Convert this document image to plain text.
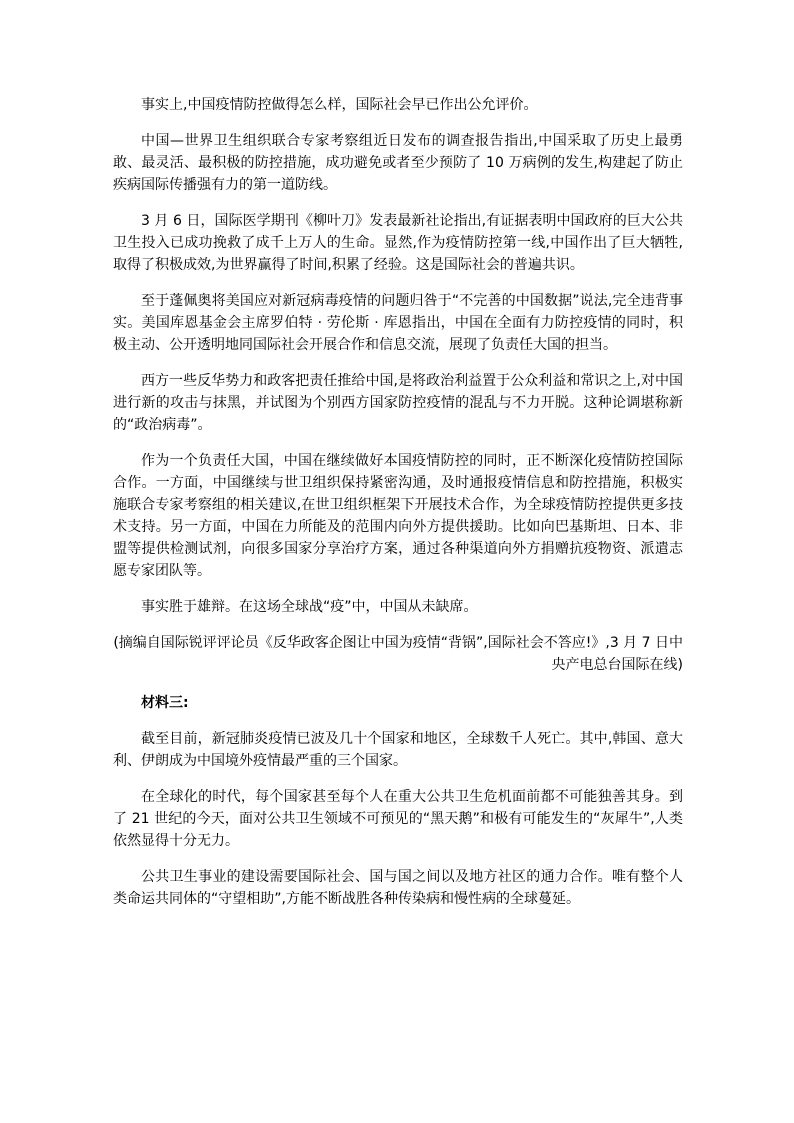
事实上,中国疫情防控做得怎么样，国际社会早已作出公允评价。

中国—世界卫生组织联合专家考察组近日发布的调查报告指出,中国采取了历史上最勇敢、最灵活、最积极的防控措施，成功避免或者至少预防了 10 万病例的发生,构建起了防止疾病国际传播强有力的第一道防线。

3 月 6 日，国际医学期刊《柳叶刀》发表最新社论指出,有证据表明中国政府的巨大公共卫生投入已成功挽救了成千上万人的生命。显然,作为疫情防控第一线,中国作出了巨大牺牲,取得了积极成效,为世界赢得了时间,积累了经验。这是国际社会的普遍共识。

至于蓬佩奥将美国应对新冠病毒疫情的问题归咎于“不完善的中国数据”说法,完全违背事实。美国库恩基金会主席罗伯特 · 劳伦斯 · 库恩指出，中国在全面有力防控疫情的同时，积极主动、公开透明地同国际社会开展合作和信息交流，展现了负责任大国的担当。

西方一些反华势力和政客把责任推给中国,是将政治利益置于公众利益和常识之上,对中国进行新的攻击与抹黑，并试图为个别西方国家防控疫情的混乱与不力开脱。这种论调堪称新的“政治病毒”。

作为一个负责任大国，中国在继续做好本国疫情防控的同时，正不断深化疫情防控国际合作。一方面，中国继续与世卫组织保持紧密沟通，及时通报疫情信息和防控措施，积极实施联合专家考察组的相关建议,在世卫组织框架下开展技术合作，为全球疫情防控提供更多技术支持。另一方面，中国在力所能及的范围内向外方提供援助。比如向巴基斯坦、日本、非盟等提供检测试剂，向很多国家分享治疗方案，通过各种渠道向外方捐赠抗疫物资、派遣志愿专家团队等。

事实胜于雄辩。在这场全球战“疫”中，中国从未缺席。

(摘编自国际锐评评论员《反华政客企图让中国为疫情“背锅”,国际社会不答应!》,3 月 7 日中央产电总台国际在线)

材料三:

截至目前，新冠肺炎疫情已波及几十个国家和地区，全球数千人死亡。其中,韩国、意大利、伊朗成为中国境外疫情最严重的三个国家。

在全球化的时代，每个国家甚至每个人在重大公共卫生危机面前都不可能独善其身。到了 21 世纪的今天，面对公共卫生领域不可预见的“黑天鹅”和极有可能发生的“灰犀牛”,人类依然显得十分无力。

公共卫生事业的建设需要国际社会、国与国之间以及地方社区的通力合作。唯有整个人类命运共同体的“守望相助”,方能不断战胜各种传染病和慢性病的全球蔓延。
